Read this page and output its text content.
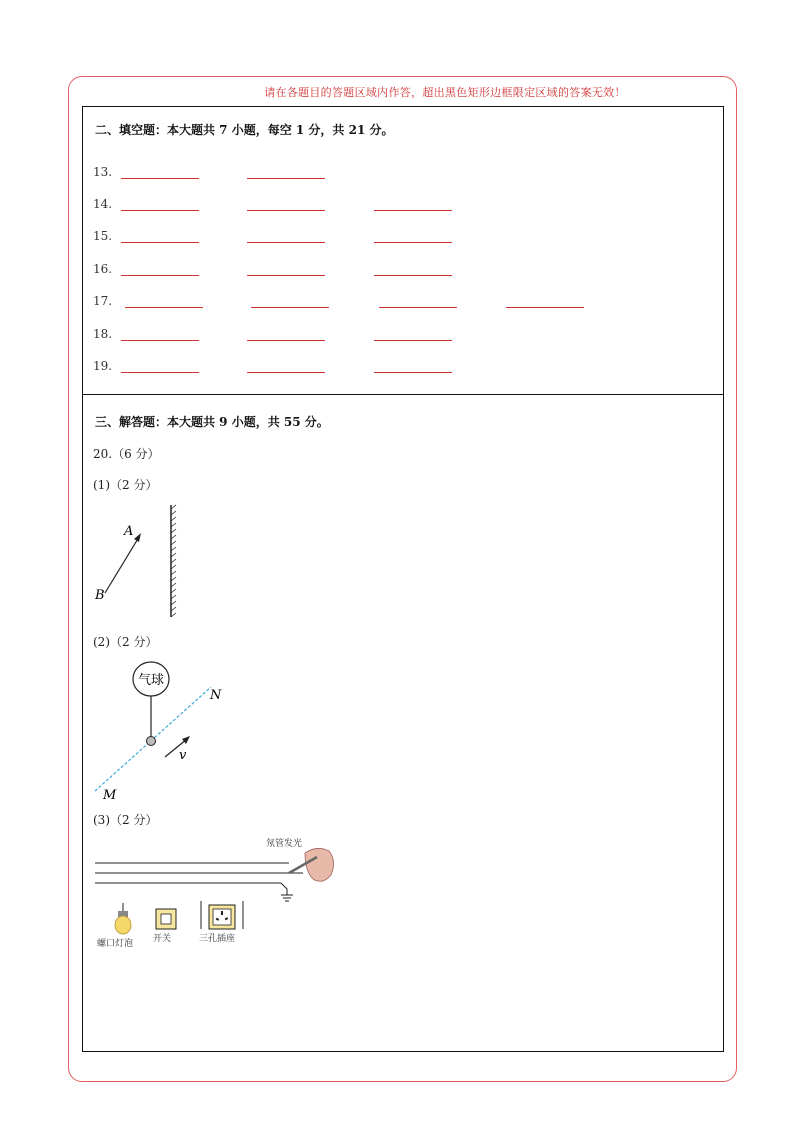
请在各题目的答题区域内作答，超出黑色矩形边框限定区域的答案无效！
二、填空题：本大题共 7 小题，每空 1 分，共 21 分。
13.
14.
15.
16.
17.
18.
19.
三、解答题：本大题共 9 小题，共 55 分。
20.（6 分）
(1)（2 分）
A
B
(2)（2 分）
气球
v
N
M
(3)（2 分）
氖管发光
螺口灯泡 开关	三孔插座
